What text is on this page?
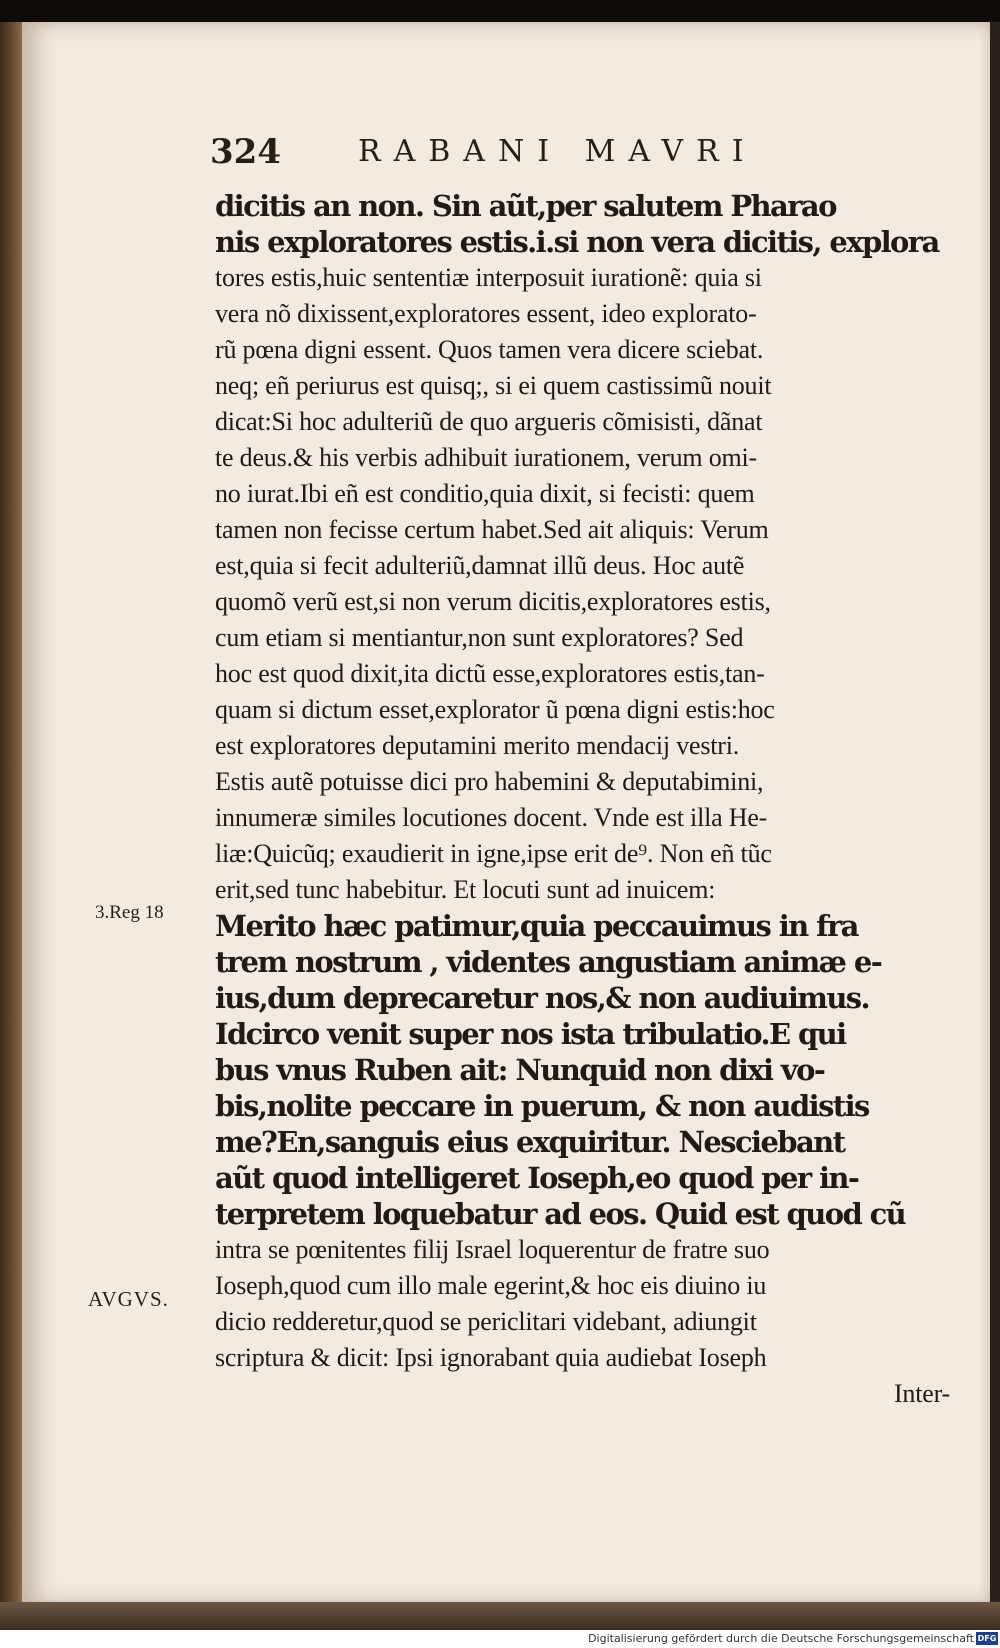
324	RABANI MAVRI
3.Reg 18
AVGVS.
dicitis an non. Sin aũt,per salutem Pharao
nis exploratores estis.i.si non vera dicitis, explora
tores estis,huic sententiæ interposuit iurationẽ: quia si
vera nõ dixissent,exploratores essent, ideo explorato-
rũ pœna digni essent. Quos tamen vera dicere sciebat.
neq; eñ periurus est quisq;, si ei quem castissimũ nouit
dicat:Si hoc adulteriũ de quo argueris cõmisisti, dãnat
te deus.& his verbis adhibuit iurationem, verum omi-
no iurat.Ibi eñ est conditio,quia dixit, si fecisti: quem
tamen non fecisse certum habet.Sed ait aliquis: Verum
est,quia si fecit adulteriũ,damnat illũ deus. Hoc autẽ
quomõ verũ est,si non verum dicitis,exploratores estis,
cum etiam si mentiantur,non sunt exploratores? Sed
hoc est quod dixit,ita dictũ esse,exploratores estis,tan-
quam si dictum esset,explorator ũ pœna digni estis:hoc
est exploratores deputamini merito mendacij vestri.
Estis autẽ potuisse dici pro habemini & deputabimini,
innumeræ similes locutiones docent. Vnde est illa He-
liæ:Quicũq; exaudierit in igne,ipse erit de⁹. Non eñ tũc
erit,sed tunc habebitur. Et locuti sunt ad inuicem:
Merito hæc patimur,quia peccauimus in fra
trem nostrum , videntes angustiam animæ e-
ius,dum deprecaretur nos,& non audiuimus.
Idcirco venit super nos ista tribulatio.E qui
bus vnus Ruben ait: Nunquid non dixi vo-
bis,nolite peccare in puerum, & non audistis
me?En,sanguis eius exquiritur. Nesciebant
aũt quod intelligeret Ioseph,eo quod per in-
terpretem loquebatur ad eos. Quid est quod cũ
intra se pœnitentes filij Israel loquerentur de fratre suo
Ioseph,quod cum illo male egerint,& hoc eis diuino iu
dicio redderetur,quod se periclitari videbant, adiungit
scriptura & dicit: Ipsi ignorabant quia audiebat Ioseph
Inter-
Digitalisierung gefördert durch die Deutsche Forschungsgemeinschaft DFG
